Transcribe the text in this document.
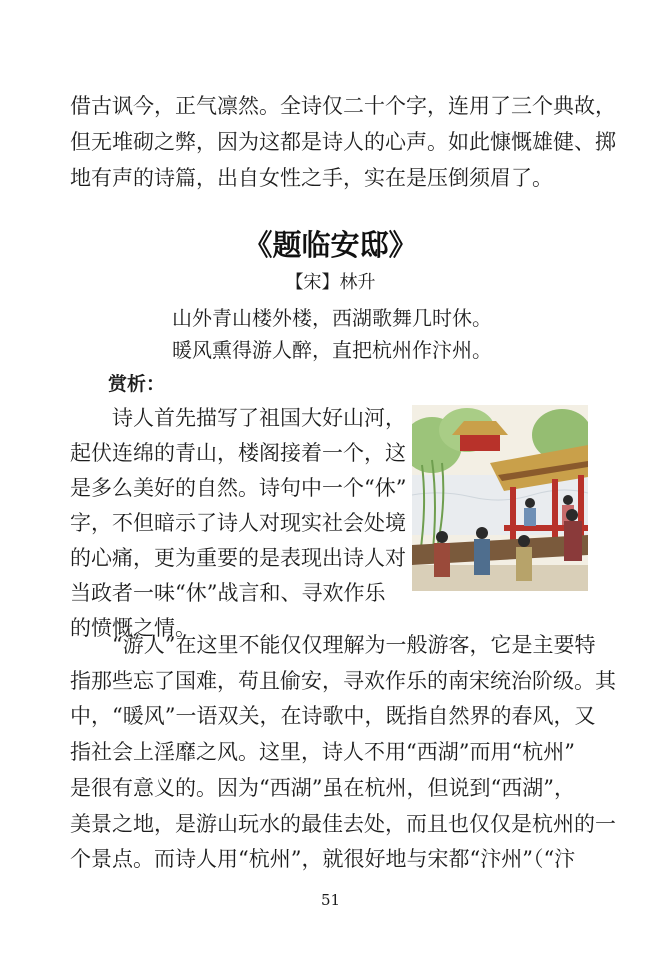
借古讽今，正气凛然。全诗仅二十个字，连用了三个典故，
但无堆砌之弊，因为这都是诗人的心声。如此慷慨雄健、掷
地有声的诗篇，出自女性之手，实在是压倒须眉了。
《题临安邸》
【宋】林升
山外青山楼外楼，西湖歌舞几时休。
暖风熏得游人醉，直把杭州作汴州。
赏析：
诗人首先描写了祖国大好山河，
起伏连绵的青山，楼阁接着一个，这
是多么美好的自然。诗句中一个“休”
字，不但暗示了诗人对现实社会处境
的心痛，更为重要的是表现出诗人对
当政者一味“休”战言和、寻欢作乐
的愤慨之情。
“游人”在这里不能仅仅理解为一般游客，它是主要特
指那些忘了国难，苟且偷安，寻欢作乐的南宋统治阶级。其
中，“暖风”一语双关，在诗歌中，既指自然界的春风，又
指社会上淫靡之风。这里，诗人不用“西湖”而用“杭州”
是很有意义的。因为“西湖”虽在杭州，但说到“西湖”，
美景之地，是游山玩水的最佳去处，而且也仅仅是杭州的一
个景点。而诗人用“杭州”，就很好地与宋都“汴州”（“汴
51
